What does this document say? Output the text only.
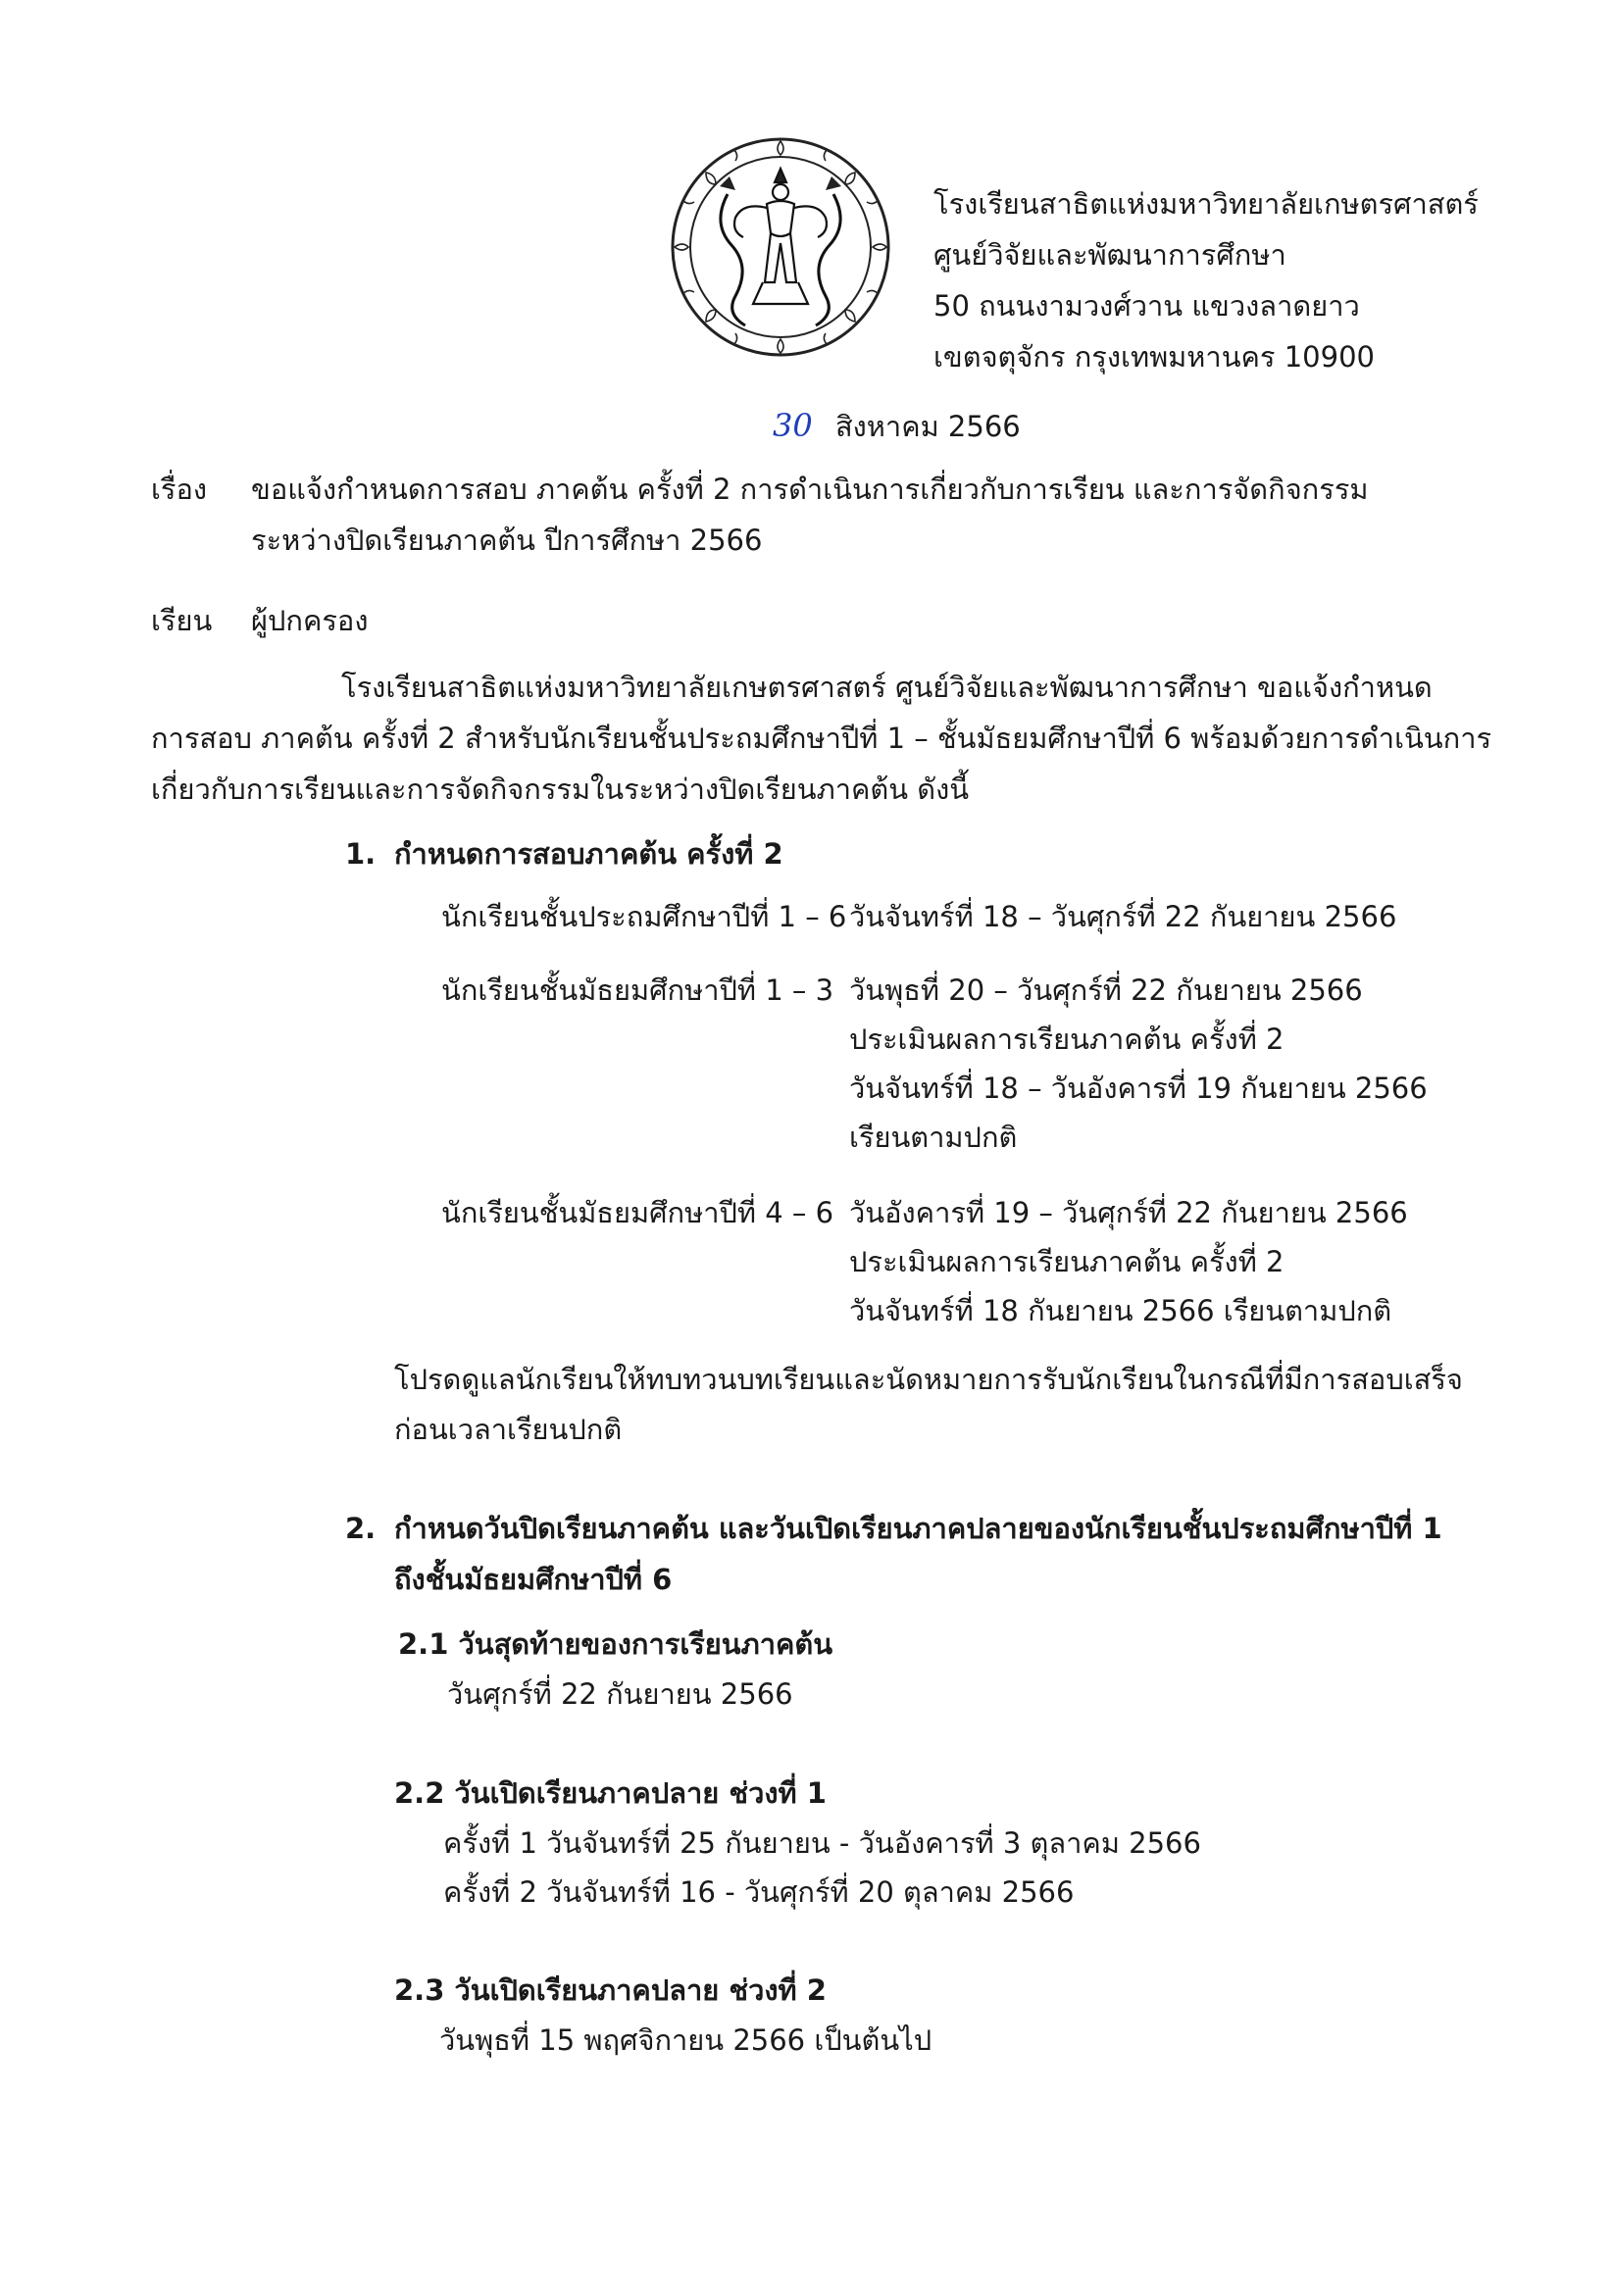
โรงเรียนสาธิตแห่งมหาวิทยาลัยเกษตรศาสตร์
ศูนย์วิจัยและพัฒนาการศึกษา
50 ถนนงามวงศ์วาน แขวงลาดยาว
เขตจตุจักร กรุงเทพมหานคร 10900
30 สิงหาคม 2566
เรื่อง ขอแจ้งกำหนดการสอบ ภาคต้น ครั้งที่ 2 การดำเนินการเกี่ยวกับการเรียน และการจัดกิจกรรม
ระหว่างปิดเรียนภาคต้น ปีการศึกษา 2566
เรียน ผู้ปกครอง
โรงเรียนสาธิตแห่งมหาวิทยาลัยเกษตรศาสตร์ ศูนย์วิจัยและพัฒนาการศึกษา ขอแจ้งกำหนด
การสอบ ภาคต้น ครั้งที่ 2 สำหรับนักเรียนชั้นประถมศึกษาปีที่ 1 – ชั้นมัธยมศึกษาปีที่ 6 พร้อมด้วยการดำเนินการ
เกี่ยวกับการเรียนและการจัดกิจกรรมในระหว่างปิดเรียนภาคต้น ดังนี้
1. กำหนดการสอบภาคต้น ครั้งที่ 2
นักเรียนชั้นประถมศึกษาปีที่ 1 – 6 วันจันทร์ที่ 18 – วันศุกร์ที่ 22 กันยายน 2566
นักเรียนชั้นมัธยมศึกษาปีที่ 1 – 3 วันพุธที่ 20 – วันศุกร์ที่ 22 กันยายน 2566
ประเมินผลการเรียนภาคต้น ครั้งที่ 2
วันจันทร์ที่ 18 – วันอังคารที่ 19 กันยายน 2566
เรียนตามปกติ
นักเรียนชั้นมัธยมศึกษาปีที่ 4 – 6 วันอังคารที่ 19 – วันศุกร์ที่ 22 กันยายน 2566
ประเมินผลการเรียนภาคต้น ครั้งที่ 2
วันจันทร์ที่ 18 กันยายน 2566 เรียนตามปกติ
โปรดดูแลนักเรียนให้ทบทวนบทเรียนและนัดหมายการรับนักเรียนในกรณีที่มีการสอบเสร็จ
ก่อนเวลาเรียนปกติ
2. กำหนดวันปิดเรียนภาคต้น และวันเปิดเรียนภาคปลายของนักเรียนชั้นประถมศึกษาปีที่ 1
ถึงชั้นมัธยมศึกษาปีที่ 6
2.1 วันสุดท้ายของการเรียนภาคต้น
วันศุกร์ที่ 22 กันยายน 2566
2.2 วันเปิดเรียนภาคปลาย ช่วงที่ 1
ครั้งที่ 1 วันจันทร์ที่ 25 กันยายน - วันอังคารที่ 3 ตุลาคม 2566
ครั้งที่ 2 วันจันทร์ที่ 16 - วันศุกร์ที่ 20 ตุลาคม 2566
2.3 วันเปิดเรียนภาคปลาย ช่วงที่ 2
วันพุธที่ 15 พฤศจิกายน 2566 เป็นต้นไป
